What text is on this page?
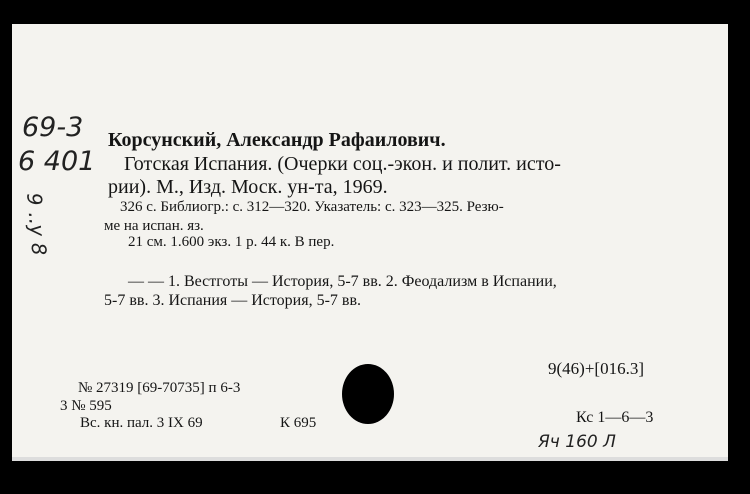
69-3
6 401
9 ..y 8
Корсунский, Александр Рафаилович.
Готская Испания. (Очерки соц.-экон. и полит. исто-
рии). М., Изд. Моск. ун-та, 1969.
326 с. Библиогр.: с. 312—320. Указатель: с. 323—325. Резю-
ме на испан. яз.
21 см. 1.600 экз. 1 р. 44 к. В пер.
— — 1. Вестготы — История, 5-7 вв. 2. Феодализм в Испании,
5-7 вв. 3. Испания — История, 5-7 вв.
9(46)+[016.3]
№ 27319 [69-70735] п 6-3
3 № 595
Вс. кн. пал. 3 IX 69	К 695	Кс 1—6—3
Яч 160 Л
